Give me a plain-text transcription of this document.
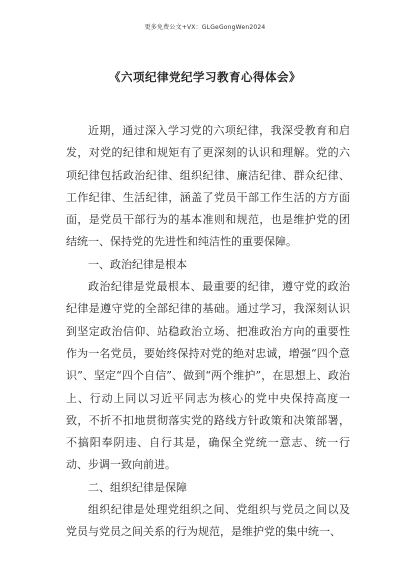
更多免费公文+VX：GLGeGongWen2024
《六项纪律党纪学习教育心得体会》

近期，通过深入学习党的六项纪律，我深受教育和启发，对党的纪律和规矩有了更深刻的认识和理解。党的六项纪律包括政治纪律、组织纪律、廉洁纪律、群众纪律、工作纪律、生活纪律，涵盖了党员干部工作生活的方方面面，是党员干部行为的基本准则和规范，也是维护党的团结统一、保持党的先进性和纯洁性的重要保障。

一、政治纪律是根本

政治纪律是党最根本、最重要的纪律，遵守党的政治纪律是遵守党的全部纪律的基础。通过学习，我深刻认识到坚定政治信仰、站稳政治立场、把准政治方向的重要性作为一名党员，要始终保持对党的绝对忠诚，增强“四个意识”、坚定“四个自信”、做到“两个维护”，在思想上、政治上、行动上同以习近平同志为核心的党中央保持高度一致，不折不扣地贯彻落实党的路线方针政策和决策部署，不搞阳奉阴违、自行其是，确保全党统一意志、统一行动、步调一致向前进。

二、组织纪律是保障

组织纪律是处理党组织之间、党组织与党员之间以及党员与党员之间关系的行为规范，是维护党的集中统一、
